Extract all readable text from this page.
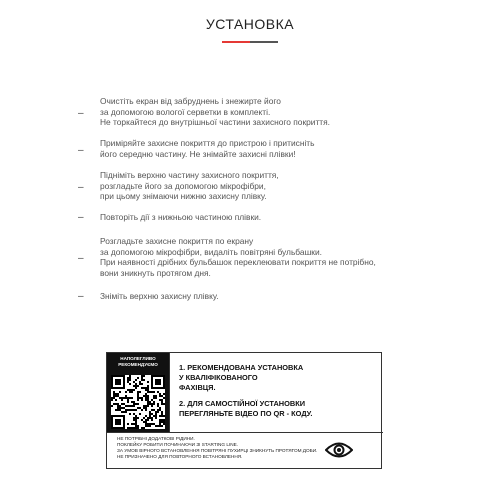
УСТАНОВКА
–
Очистіть екран від забруднень і знежирте його
за допомогою вологої серветки в комплекті.
Не торкайтеся до внутрішньої частини захисного покриття.
–
Приміряйте захисне покриття до пристрою і притисніть
його середню частину. Не знімайте захисні плівки!
–
Підніміть верхню частину захисного покриття,
розгладьте його за допомогою мікрофібри,
при цьому знімаючи нижню захисну плівку.
– Повторіть дії з нижньою частиною плівки.
–
Розгладьте захисне покриття по екрану
за допомогою мікрофібри, видаліть повітряні бульбашки.
При наявності дрібних бульбашок переклеювати покриття не потрібно,
вони зникнуть протягом дня.
– Зніміть верхню захисну плівку.
НАПОЛЕГЛИВО
РЕКОМЕНДУЄМО	1. РЕКОМЕНДОВАНА УСТАНОВКА
У КВАЛІФІКОВАНОГО
ФАХІВЦЯ.
2. ДЛЯ САМОСТІЙНОЇ УСТАНОВКИ
ПЕРЕГЛЯНЬТЕ ВІДЕО ПО QR - КОДУ.
НЕ ПОТРІБНІ ДОДАТКОВІ РІДИНИ.
ПОКЛЕЙКУ РОБИТИ ПОЧИНАЮЧИ ЗІ STARTING LINE.
ЗА УМОВ ВІРНОГО ВСТАНОВЛЕННЯ ПОВІТРЯНІ ПУХИРЦІ ЗНИКНУТЬ ПРОТЯГОМ ДОБИ.
НЕ ПРИЗНАЧЕНО ДЛЯ ПОВТОРНОГО ВСТАНОВЛЕННЯ.
